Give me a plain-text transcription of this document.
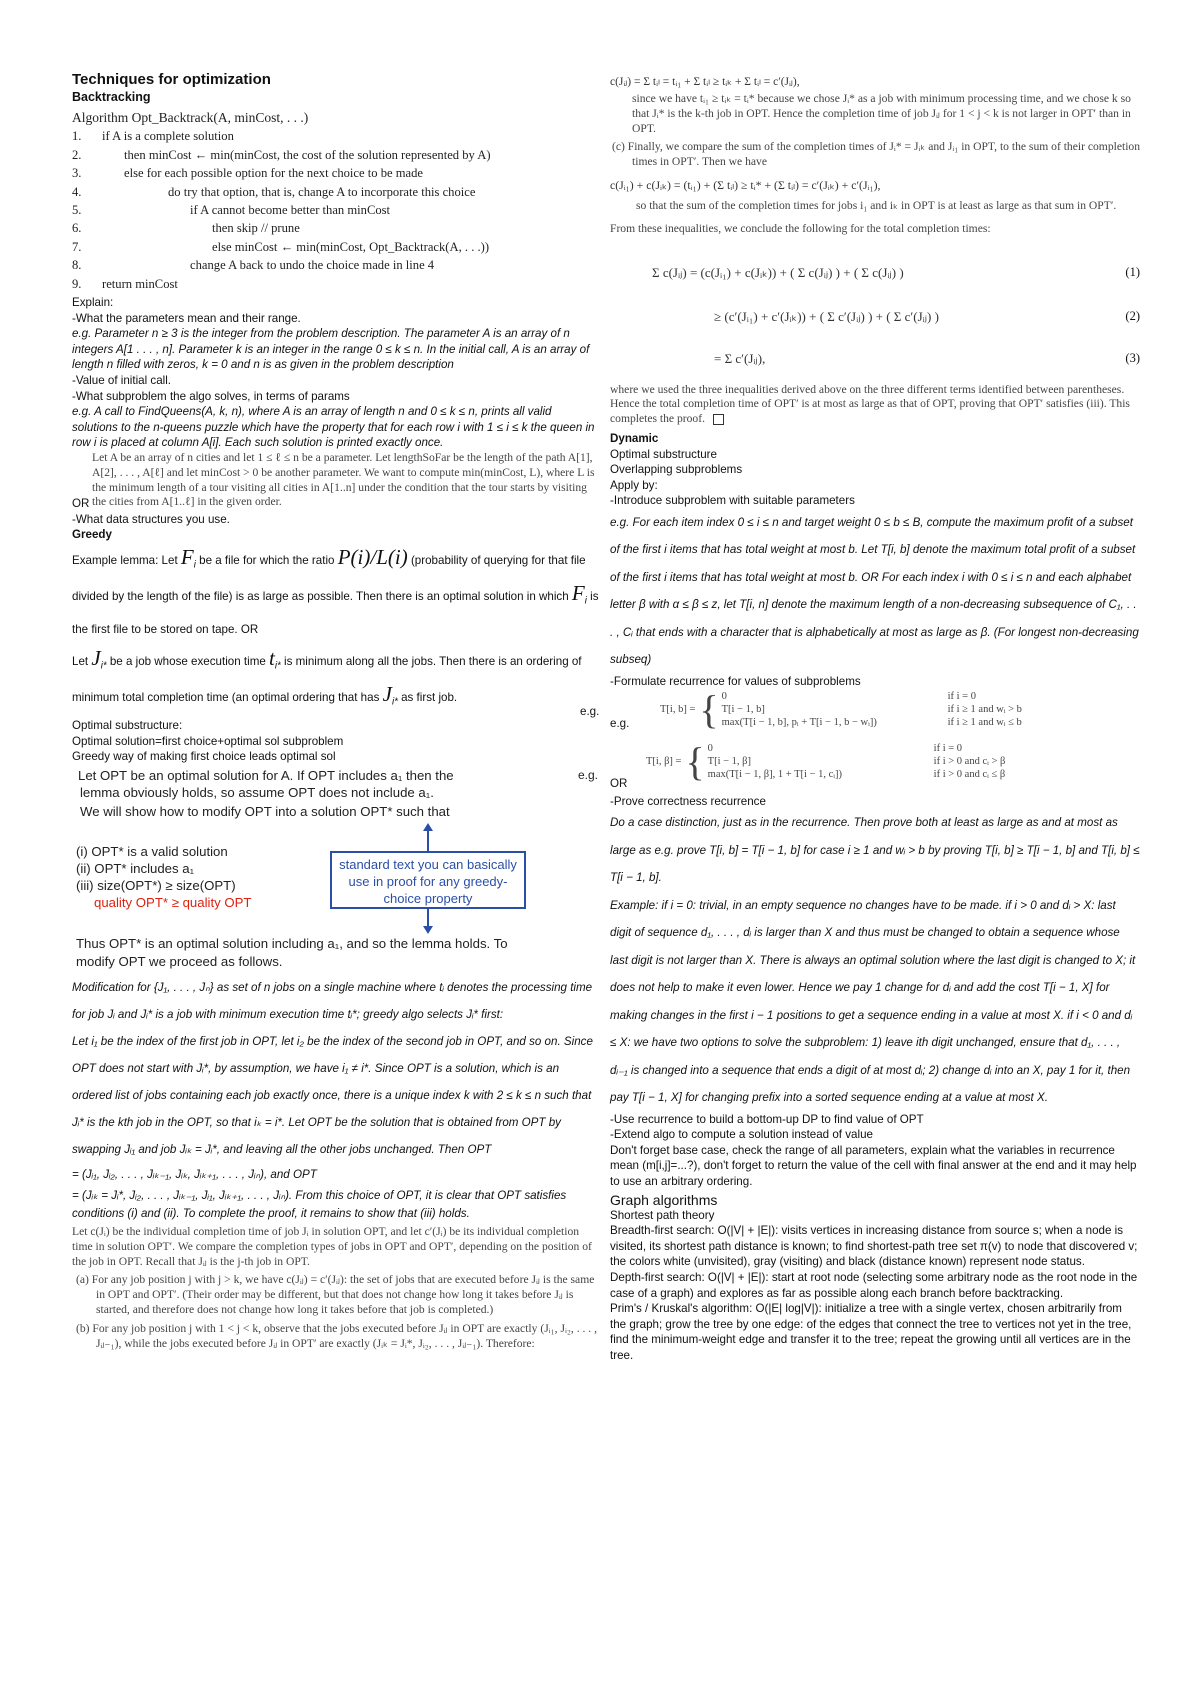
Techniques for optimization
Backtracking
Algorithm Opt_Backtrack(A, minCost, . . .)
1.	if A is a complete solution
2.	then minCost ← min(minCost, the cost of the solution represented by A)
3.	else for each possible option for the next choice to be made
4.	do try that option, that is, change A to incorporate this choice
5.	if A cannot become better than minCost
6.	then skip // prune
7.	else minCost ← min(minCost, Opt_Backtrack(A, . . .))
8.	change A back to undo the choice made in line 4
9.	return minCost
Explain:
-What the parameters mean and their range.
e.g. Parameter n ≥ 3 is the integer from the problem description. The parameter A is an array of n integers A[1 . . . , n]. Parameter k is an integer in the range 0 ≤ k ≤ n. In the initial call, A is an array of length n filled with zeros, k = 0 and n is as given in the problem description
-Value of initial call.
-What subproblem the algo solves, in terms of params
e.g. A call to FindQueens(A, k, n), where A is an array of length n and 0 ≤ k ≤ n, prints all valid solutions to the n-queens puzzle which have the property that for each row i with 1 ≤ i ≤ k the queen in row i is placed at column A[i]. Each such solution is printed exactly once.
Let A be an array of n cities and let 1 ≤ ℓ ≤ n be a parameter. Let lengthSoFar be the length of the path A[1], A[2], . . . , A[ℓ] and let minCost > 0 be another parameter. We want to compute min(minCost, L), where L is the minimum length of a tour visiting all cities in A[1..n] under the condition that the tour starts by visiting the cities from A[1..ℓ] in the given order.
OR
-What data structures you use.
Greedy
Example lemma: Let $F_i$ be a file for which the ratio P(i)/L(i) (probability of querying for that file divided by the length of the file) is as large as possible. Then there is an optimal solution in which $F_i$ is the first file to be stored on tape. OR
Let $J_{i*}$ be a job whose execution time $t_{i*}$ is minimum along all the jobs. Then there is an ordering of minimum total completion time (an optimal ordering that has $J_{i*}$ as first job.
Optimal substructure:
Optimal solution=first choice+optimal sol subproblem
Greedy way of making first choice leads optimal sol
Let OPT be an optimal solution for A. If OPT includes a₁ then the	e.g.
lemma obviously holds, so assume OPT does not include a₁.
We will show how to modify OPT into a solution OPT* such that
(i) OPT* is a valid solution
(ii) OPT* includes a₁
(iii) size(OPT*) ≥ size(OPT)
quality OPT* ≥ quality OPT
standard text you can basically use in proof for any greedy-choice property
Thus OPT* is an optimal solution including a₁, and so the lemma holds. To
modify OPT we proceed as follows.
Modification for {J₁, . . . , Jₙ} as set of n jobs on a single machine where tᵢ denotes the processing time for job Jᵢ and Jᵢ* is a job with minimum execution time tᵢ*; greedy algo selects Jᵢ* first:
Let i₁ be the index of the first job in OPT, let i₂ be the index of the second job in OPT, and so on. Since OPT does not start with Jᵢ*, by assumption, we have i₁ ≠ i*. Since OPT is a solution, which is an ordered list of jobs containing each job exactly once, there is a unique index k with 2 ≤ k ≤ n such that Jᵢ* is the kth job in the OPT, so that iₖ = i*. Let OPT be the solution that is obtained from OPT by swapping Jᵢ₁ and job Jᵢₖ = Jᵢ*, and leaving all the other jobs unchanged. Then OPT
= (Jᵢ₁, Jᵢ₂, . . . , Jᵢₖ₋₁, Jᵢₖ, Jᵢₖ₊₁, . . . , Jᵢₙ), and OPT
= (Jᵢₖ = Jᵢ*, Jᵢ₂, . . . , Jᵢₖ₋₁, Jᵢ₁, Jᵢₖ₊₁, . . . , Jᵢₙ). From this choice of OPT, it is clear that OPT satisfies conditions (i) and (ii). To complete the proof, it remains to show that (iii) holds.
Let c(Jᵢ) be the individual completion time of job Jᵢ in solution OPT, and let c′(Jᵢ) be its individual completion time in solution OPT′. We compare the completion types of jobs in OPT and OPT′, depending on the position of the job in OPT. Recall that Jᵢⱼ is the j-th job in OPT.
(a) For any job position j with j > k, we have c(Jᵢⱼ) = c′(Jᵢⱼ): the set of jobs that are executed before Jᵢⱼ is the same in OPT and OPT′. (Their order may be different, but that does not change how long it takes before Jᵢⱼ is started, and therefore does not change how long it takes before that job is completed.)
(b) For any job position j with 1 < j < k, observe that the jobs executed before Jᵢⱼ in OPT are exactly (Jᵢ₁, Jᵢ₂, . . . , Jᵢⱼ₋₁), while the jobs executed before Jᵢⱼ in OPT′ are exactly (Jᵢₖ = Jᵢ*, Jᵢ₂, . . . , Jᵢⱼ₋₁). Therefore:
c(Jᵢⱼ) = Σ tᵢₗ = tᵢ₁ + Σ tᵢₗ ≥ tᵢₖ + Σ tᵢₗ = c′(Jᵢⱼ),
since we have tᵢ₁ ≥ tᵢₖ = tᵢ* because we chose Jᵢ* as a job with minimum processing time, and we chose k so that Jᵢ* is the k-th job in OPT. Hence the completion time of job Jᵢⱼ for 1 < j < k is not larger in OPT′ than in OPT.
(c) Finally, we compare the sum of the completion times of Jᵢ* = Jᵢₖ and Jᵢ₁ in OPT, to the sum of their completion times in OPT′. Then we have
c(Jᵢ₁) + c(Jᵢₖ) = (tᵢ₁) + (Σ tᵢₗ) ≥ tᵢ* + (Σ tᵢₗ) = c′(Jᵢₖ) + c′(Jᵢ₁),
so that the sum of the completion times for jobs i₁ and iₖ in OPT is at least as large as that sum in OPT′.
From these inequalities, we conclude the following for the total completion times:
Σ c(Jᵢⱼ) = (c(Jᵢ₁) + c(Jᵢₖ)) + ( Σ c(Jᵢⱼ) ) + ( Σ c(Jᵢⱼ) )	(1)
≥ (c′(Jᵢ₁) + c′(Jᵢₖ)) + ( Σ c′(Jᵢⱼ) ) + ( Σ c′(Jᵢⱼ) )	(2)
= Σ c′(Jᵢⱼ),	(3)
where we used the three inequalities derived above on the three different terms identified between parentheses. Hence the total completion time of OPT′ is at most as large as that of OPT, proving that OPT′ satisfies (iii). This completes the proof.
Dynamic
Optimal substructure
Overlapping subproblems
Apply by:
-Introduce subproblem with suitable parameters
e.g. For each item index 0 ≤ i ≤ n and target weight 0 ≤ b ≤ B, compute the maximum profit of a subset of the first i items that has total weight at most b. Let T[i, b] denote the maximum total profit of a subset of the first i items that has total weight at most b. OR For each index i with 0 ≤ i ≤ n and each alphabet letter β with α ≤ β ≤ z, let T[i, n] denote the maximum length of a non-decreasing subsequence of C₁, . . . , Cᵢ that ends with a character that is alphabetically at most as large as β. (For longest non-decreasing subseq)
-Formulate recurrence for values of subproblems
e.g.
e.g.
T[i, b] = { 0	if i = 0
T[i − 1, b]	if i ≥ 1 and wᵢ > b
max(T[i − 1, b], pᵢ + T[i − 1, b − wᵢ])	if i ≥ 1 and wᵢ ≤ b
T[i, β] = { 0	if i = 0
T[i − 1, β]	if i > 0 and cᵢ > β
max(T[i − 1, β], 1 + T[i − 1, cᵢ])	if i > 0 and cᵢ ≤ β
OR
-Prove correctness recurrence
Do a case distinction, just as in the recurrence. Then prove both at least as large as and at most as large as e.g. prove T[i, b] = T[i − 1, b] for case i ≥ 1 and wᵢ > b by proving T[i, b] ≥ T[i − 1, b] and T[i, b] ≤ T[i − 1, b].
Example: if i = 0: trivial, in an empty sequence no changes have to be made. if i > 0 and dᵢ > X: last digit of sequence d₁, . . . , dᵢ is larger than X and thus must be changed to obtain a sequence whose last digit is not larger than X. There is always an optimal solution where the last digit is changed to X; it does not help to make it even lower. Hence we pay 1 change for dᵢ and add the cost T[i − 1, X] for making changes in the first i − 1 positions to get a sequence ending in a value at most X. if i < 0 and dᵢ ≤ X: we have two options to solve the subproblem: 1) leave ith digit unchanged, ensure that d₁, . . . , dᵢ₋₁ is changed into a sequence that ends a digit of at most dᵢ; 2) change dᵢ into an X, pay 1 for it, then pay T[i − 1, X] for changing prefix into a sorted sequence ending at a value at most X.
-Use recurrence to build a bottom-up DP to find value of OPT
-Extend algo to compute a solution instead of value
Don't forget base case, check the range of all parameters, explain what the variables in recurrence mean (m[i,j]=...?), don't forget to return the value of the cell with final answer at the end and it may help to use an arbitrary ordering.
Graph algorithms
Shortest path theory
Breadth-first search: O(|V| + |E|): visits vertices in increasing distance from source s; when a node is visited, its shortest path distance is known; to find shortest-path tree set π(v) to node that discovered v; the colors white (unvisited), gray (visiting) and black (distance known) represent node status.
Depth-first search: O(|V| + |E|): start at root node (selecting some arbitrary node as the root node in the case of a graph) and explores as far as possible along each branch before backtracking.
Prim's / Kruskal's algorithm: O(|E| log|V|): initialize a tree with a single vertex, chosen arbitrarily from the graph; grow the tree by one edge: of the edges that connect the tree to vertices not yet in the tree, find the minimum-weight edge and transfer it to the tree; repeat the growing until all vertices are in the tree.
